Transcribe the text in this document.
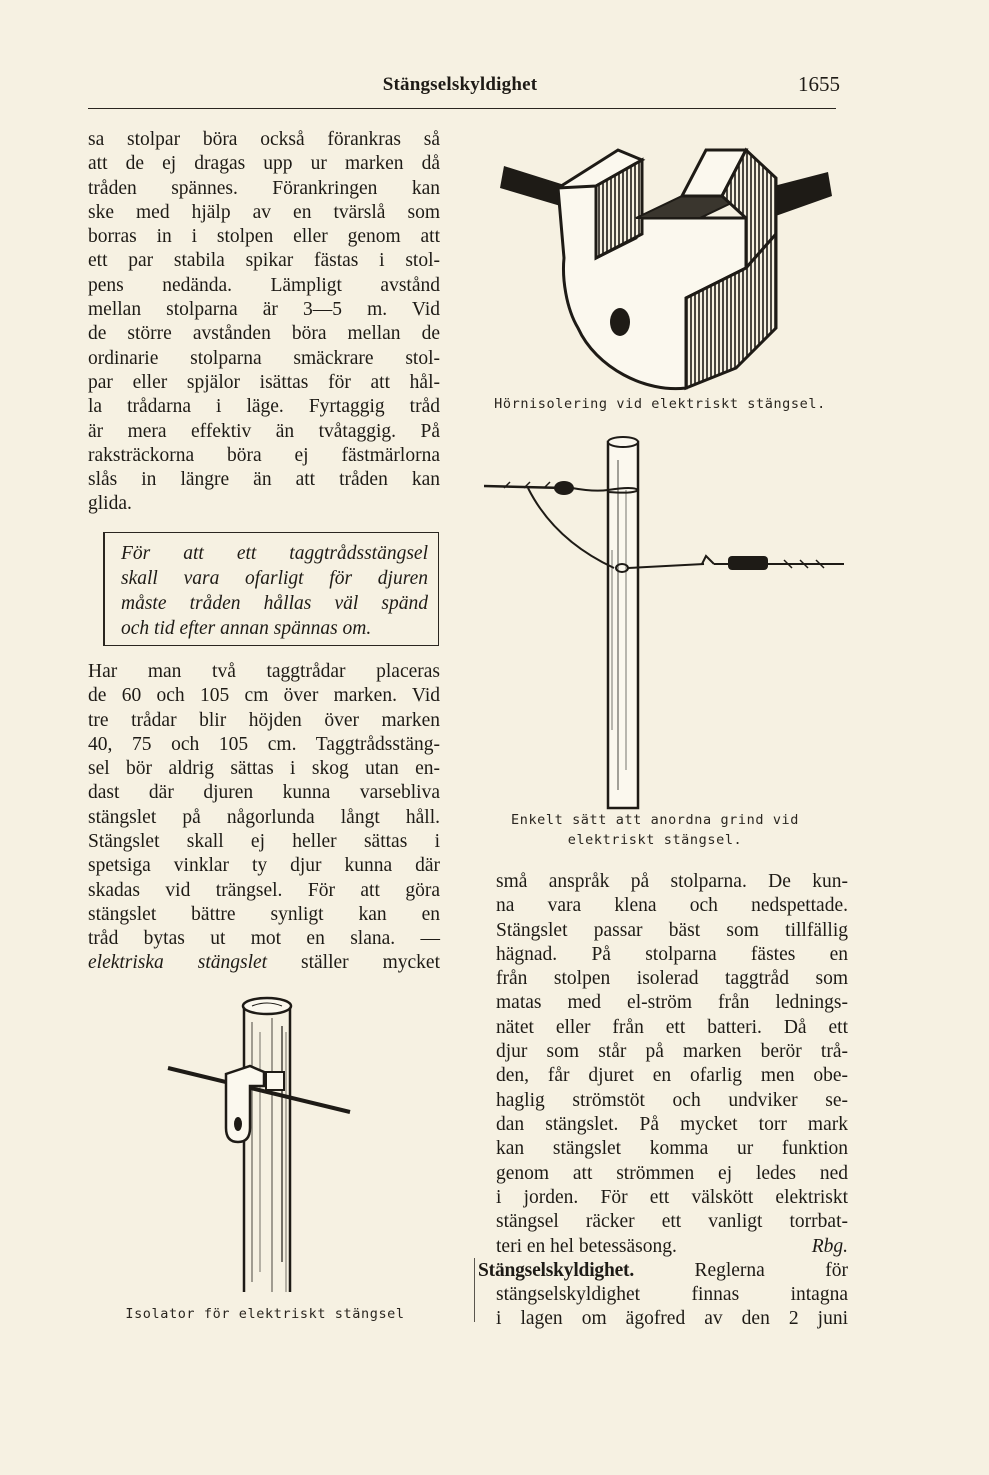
Stängselskyldighet	1655
sa stolpar böra också förankras så
att de ej dragas upp ur marken då
tråden spännes. Förankringen kan
ske med hjälp av en tvärslå som
borras in i stolpen eller genom att
ett par stabila spikar fästas i stol-
pens nedända. Lämpligt avstånd
mellan stolparna är 3—5 m. Vid
de större avstånden böra mellan de
ordinarie stolparna smäckrare stol-
par eller spjälor isättas för att hål-
la trådarna i läge. Fyrtaggig tråd
är mera effektiv än tvåtaggig. På
raksträckorna böra ej fästmärlorna
slås in längre än att tråden kan
glida.
För att ett taggtrådsstängsel
skall vara ofarligt för djuren
måste tråden hållas väl spänd
och tid efter annan spännas om.
Har man två taggtrådar placeras
de 60 och 105 cm över marken. Vid
tre trådar blir höjden över marken
40, 75 och 105 cm. Taggtrådsstäng-
sel bör aldrig sättas i skog utan en-
dast där djuren kunna varsebliva
stängslet på någorlunda långt håll.
Stängslet skall ej heller sättas i
spetsiga vinklar ty djur kunna där
skadas vid trängsel. För att göra
stängslet bättre synligt kan en
tråd bytas ut mot en slana. —
elektriska stängslet ställer mycket
små anspråk på stolparna. De kun-
na vara klena och nedspettade.
Stängslet passar bäst som tillfällig
hägnad. På stolparna fästes en
från stolpen isolerad taggtråd som
matas med el-ström från lednings-
nätet eller från ett batteri. Då ett
djur som står på marken berör trå-
den, får djuret en ofarlig men obe-
haglig strömstöt och undviker se-
dan stängslet. På mycket torr mark
kan stängslet komma ur funktion
genom att strömmen ej ledes ned
i jorden. För ett välskött elektriskt
stängsel räcker ett vanligt torrbat-
teri en hel betessäsong.	Rbg.
Stängselskyldighet.	Reglerna för
stängselskyldighet finnas intagna
i lagen om ägofred av den 2 juni
Hörnisolering vid elektriskt stängsel.
Enkelt sätt att anordna grind vid elektriskt stängsel.
Isolator för elektriskt stängsel
